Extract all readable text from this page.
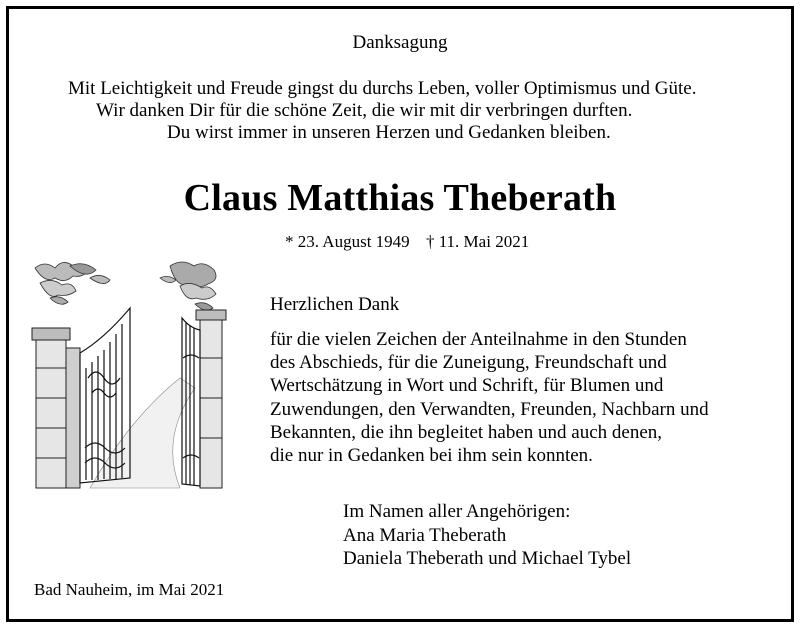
Danksagung
Mit Leichtigkeit und Freude gingst du durchs Leben, voller Optimismus und Güte.
Wir danken Dir für die schöne Zeit, die wir mit dir verbringen durften.
Du wirst immer in unseren Herzen und Gedanken bleiben.
Claus Matthias Theberath
* 23. August 1949 † 11. Mai 2021
Herzlichen Dank
für die vielen Zeichen der Anteilnahme in den Stunden
des Abschieds, für die Zuneigung, Freundschaft und
Wertschätzung in Wort und Schrift, für Blumen und
Zuwendungen, den Verwandten, Freunden, Nachbarn und
Bekannten, die ihn begleitet haben und auch denen,
die nur in Gedanken bei ihm sein konnten.
Im Namen aller Angehörigen:
Ana Maria Theberath
Daniela Theberath und Michael Tybel
Bad Nauheim, im Mai 2021
